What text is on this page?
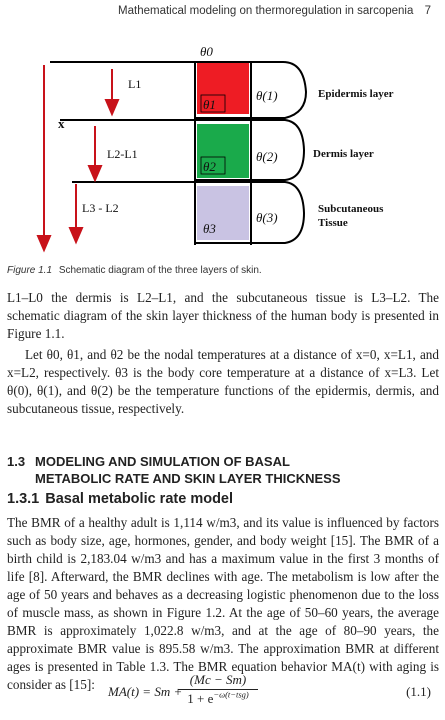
Mathematical modeling on thermoregulation in sarcopenia 7
θ0
θ1
θ2
θ3
θ(1)
θ(2)
θ(3)
L1
L2-L1
L3 - L2
x
Epidermis layer
Dermis layer
Subcutaneous
Tissue
Figure 1.1 Schematic diagram of the three layers of skin.

L1–L0 the dermis is L2–L1, and the subcutaneous tissue is L3–L2. The schematic diagram of the skin layer thickness of the human body is presented in Figure 1.1.

Let θ0, θ1, and θ2 be the nodal temperatures at a distance of x=0, x=L1, and x=L2, respectively. θ3 is the body core temperature at a distance of x=L3. Let θ(0), θ(1), and θ(2) be the temperature functions of the epidermis, dermis, and subcutaneous tissue, respectively.

1.3 MODELING AND SIMULATION OF BASAL
METABOLIC RATE AND SKIN LAYER THICKNESS
1.3.1 Basal metabolic rate model

The BMR of a healthy adult is 1,114 w/m3, and its value is influenced by factors such as body size, age, hormones, gender, and body weight [15]. The BMR of a birth child is 2,183.04 w/m3 and has a maximum value in the first 3 months of life [8]. Afterward, the BMR declines with age. The metabolism is low after the age of 50 years and behaves as a decreasing logistic phenomenon due to the loss of muscle mass, as shown in Figure 1.2. At the age of 50–60 years, the average BMR is approximately 1,022.8 w/m3, and at the age of 80–90 years, the approximate BMR value is 895.58 w/m3. The approximation BMR at different ages is presented in Table 1.3. The BMR equation behavior MA(t) with aging is consider as [15]:	MA(t) = Sm +
(Mc − Sm)
$1 + e^{-\omega(t-tsg)}$	(1.1)
